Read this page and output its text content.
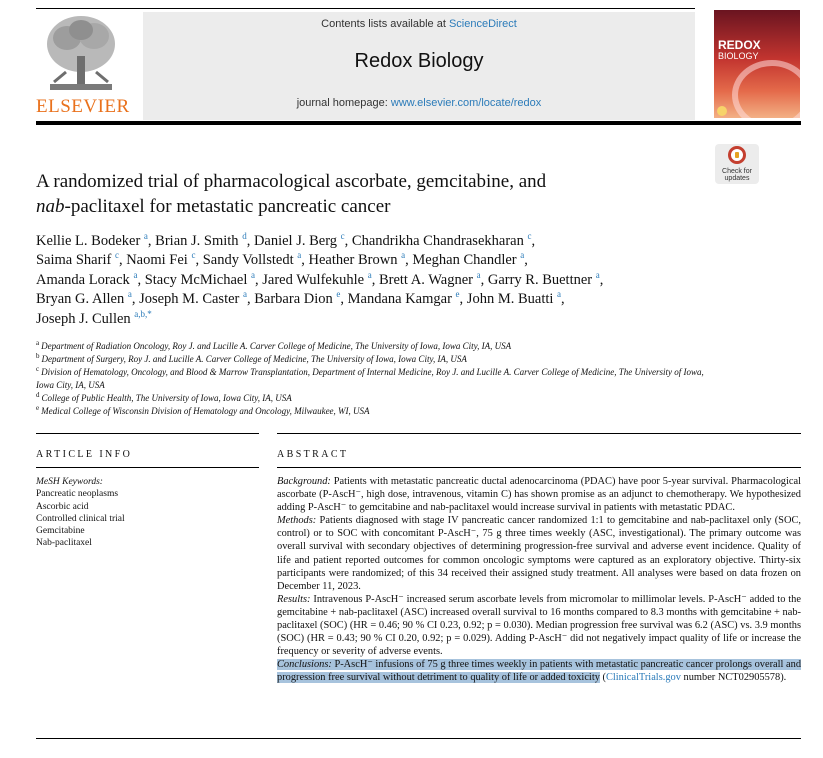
ELSEVIER
Contents lists available at ScienceDirect
Redox Biology
journal homepage: www.elsevier.com/locate/redox
REDOX
BIOLOGY
Check for
updates
A randomized trial of pharmacological ascorbate, gemcitabine, and
nab-paclitaxel for metastatic pancreatic cancer
Kellie L. Bodeker $^a$, Brian J. Smith $^d$, Daniel J. Berg $^c$, Chandrikha Chandrasekharan $^c$,
Saima Sharif $^c$, Naomi Fei $^c$, Sandy Vollstedt $^a$, Heather Brown $^a$, Meghan Chandler $^a$,
Amanda Lorack $^a$, Stacy McMichael $^a$, Jared Wulfekuhle $^a$, Brett A. Wagner $^a$, Garry R. Buettner $^a$,
Bryan G. Allen $^a$, Joseph M. Caster $^a$, Barbara Dion $^e$, Mandana Kamgar $^e$, John M. Buatti $^a$,
Joseph J. Cullen $^{a,b,*}$
$^a$ Department of Radiation Oncology, Roy J. and Lucille A. Carver College of Medicine, The University of Iowa, Iowa City, IA, USA
$^b$ Department of Surgery, Roy J. and Lucille A. Carver College of Medicine, The University of Iowa, Iowa City, IA, USA
$^c$ Division of Hematology, Oncology, and Blood & Marrow Transplantation, Department of Internal Medicine, Roy J. and Lucille A. Carver College of Medicine, The University of Iowa, Iowa City, IA, USA
$^d$ College of Public Health, The University of Iowa, Iowa City, IA, USA
$^e$ Medical College of Wisconsin Division of Hematology and Oncology, Milwaukee, WI, USA
ARTICLE INFO	ABSTRACT
MeSH Keywords:
Pancreatic neoplasms
Ascorbic acid
Controlled clinical trial
Gemcitabine
Nab-paclitaxel

Background: Patients with metastatic pancreatic ductal adenocarcinoma (PDAC) have poor 5-year survival. Pharmacological ascorbate (P-AscH⁻, high dose, intravenous, vitamin C) has shown promise as an adjunct to chemotherapy. We hypothesized adding P-AscH⁻ to gemcitabine and nab-paclitaxel would increase survival in patients with metastatic PDAC.

Methods: Patients diagnosed with stage IV pancreatic cancer randomized 1:1 to gemcitabine and nab-paclitaxel only (SOC, control) or to SOC with concomitant P-AscH⁻, 75 g three times weekly (ASC, investigational). The primary outcome was overall survival with secondary objectives of determining progression-free survival and adverse event incidence. Quality of life and patient reported outcomes for common oncologic symptoms were captured as an exploratory objective. Thirty-six participants were randomized; of this 34 received their assigned study treatment. All analyses were based on data frozen on December 11, 2023.

Results: Intravenous P-AscH⁻ increased serum ascorbate levels from micromolar to millimolar levels. P-AscH⁻ added to the gemcitabine + nab-paclitaxel (ASC) increased overall survival to 16 months compared to 8.3 months with gemcitabine + nab-paclitaxel (SOC) (HR = 0.46; 90 % CI 0.23, 0.92; p = 0.030). Median progression free survival was 6.2 (ASC) vs. 3.9 months (SOC) (HR = 0.43; 90 % CI 0.20, 0.92; p = 0.029). Adding P-AscH⁻ did not negatively impact quality of life or increase the frequency or severity of adverse events.

Conclusions: P-AscH⁻ infusions of 75 g three times weekly in patients with metastatic pancreatic cancer prolongs overall and progression free survival without detriment to quality of life or added toxicity (ClinicalTrials.gov number NCT02905578).
